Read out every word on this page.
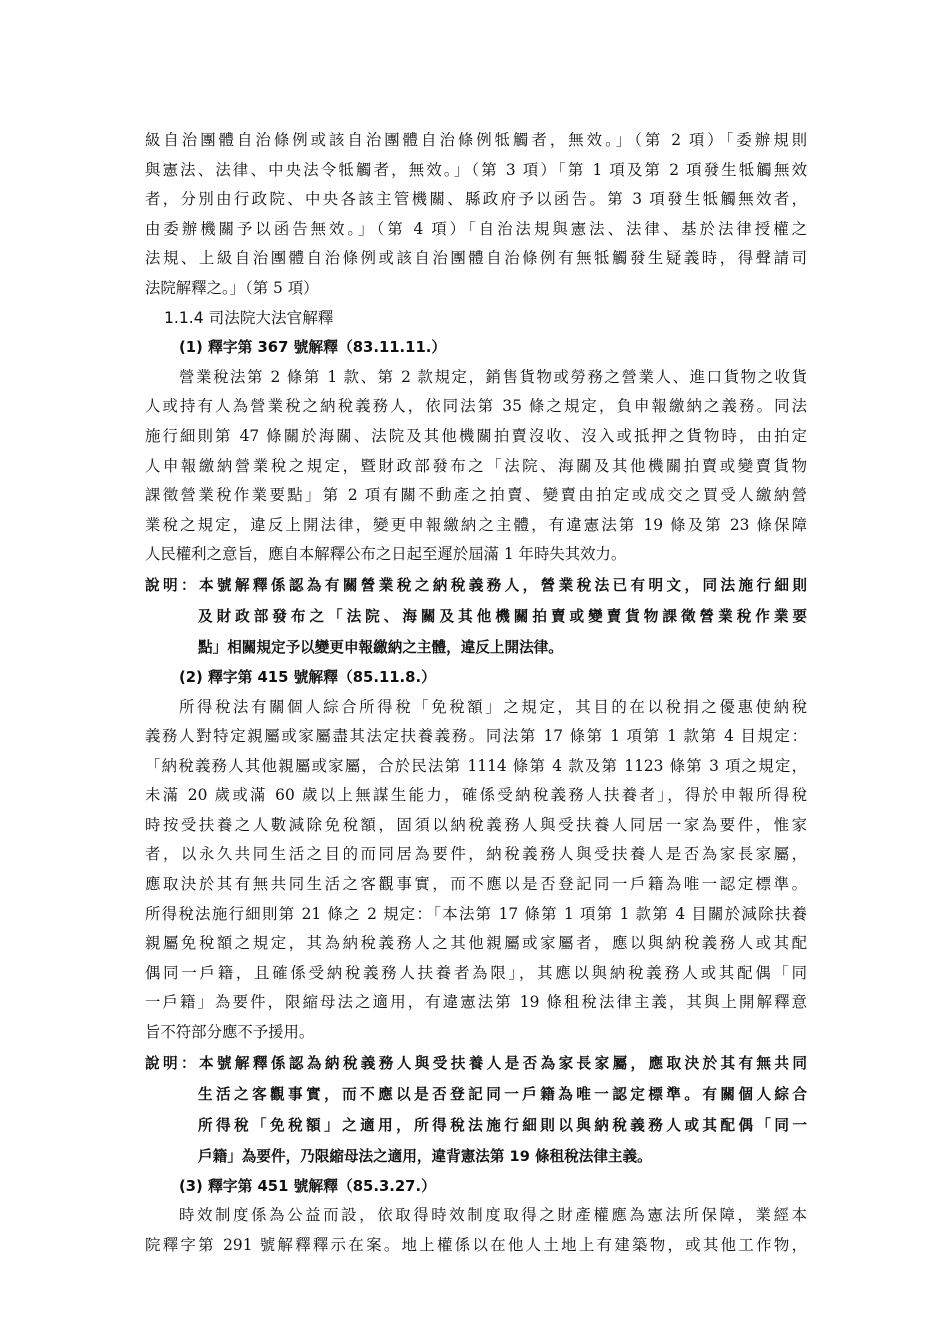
級自治團體自治條例或該自治團體自治條例牴觸者，無效。」（第 2 項）「委辦規則
與憲法、法律、中央法令牴觸者，無效。」（第 3 項）「第 1 項及第 2 項發生牴觸無效
者，分別由行政院、中央各該主管機關、縣政府予以函告。第 3 項發生牴觸無效者，
由委辦機關予以函告無效。」（第 4 項）「自治法規與憲法、法律、基於法律授權之
法規、上級自治團體自治條例或該自治團體自治條例有無牴觸發生疑義時，得聲請司
法院解釋之。」（第 5 項）
1.1.4 司法院大法官解釋
(1) 釋字第 367 號解釋（83.11.11.）
營業稅法第 2 條第 1 款、第 2 款規定，銷售貨物或勞務之營業人、進口貨物之收貨
人或持有人為營業稅之納稅義務人，依同法第 35 條之規定，負申報繳納之義務。同法
施行細則第 47 條關於海關、法院及其他機關拍賣沒收、沒入或抵押之貨物時，由拍定
人申報繳納營業稅之規定，暨財政部發布之「法院、海關及其他機關拍賣或變賣貨物
課徵營業稅作業要點」第 2 項有關不動產之拍賣、變賣由拍定或成交之買受人繳納營
業稅之規定，違反上開法律，變更申報繳納之主體，有違憲法第 19 條及第 23 條保障
人民權利之意旨，應自本解釋公布之日起至遲於屆滿 1 年時失其效力。
說明：本號解釋係認為有關營業稅之納稅義務人，營業稅法已有明文，同法施行細則
及財政部發布之「法院、海關及其他機關拍賣或變賣貨物課徵營業稅作業要
點」相關規定予以變更申報繳納之主體，違反上開法律。
(2) 釋字第 415 號解釋（85.11.8.）
所得稅法有關個人綜合所得稅「免稅額」之規定，其目的在以稅捐之優惠使納稅
義務人對特定親屬或家屬盡其法定扶養義務。同法第 17 條第 1 項第 1 款第 4 目規定：
「納稅義務人其他親屬或家屬，合於民法第 1114 條第 4 款及第 1123 條第 3 項之規定，
未滿 20 歲或滿 60 歲以上無謀生能力，確係受納稅義務人扶養者」，得於申報所得稅
時按受扶養之人數減除免稅額，固須以納稅義務人與受扶養人同居一家為要件，惟家
者，以永久共同生活之目的而同居為要件，納稅義務人與受扶養人是否為家長家屬，
應取決於其有無共同生活之客觀事實，而不應以是否登記同一戶籍為唯一認定標準。
所得稅法施行細則第 21 條之 2 規定：「本法第 17 條第 1 項第 1 款第 4 目關於減除扶養
親屬免稅額之規定，其為納稅義務人之其他親屬或家屬者，應以與納稅義務人或其配
偶同一戶籍，且確係受納稅義務人扶養者為限」，其應以與納稅義務人或其配偶「同
一戶籍」為要件，限縮母法之適用，有違憲法第 19 條租稅法律主義，其與上開解釋意
旨不符部分應不予援用。
說明：本號解釋係認為納稅義務人與受扶養人是否為家長家屬，應取決於其有無共同
生活之客觀事實，而不應以是否登記同一戶籍為唯一認定標準。有關個人綜合
所得稅「免稅額」之適用，所得稅法施行細則以與納稅義務人或其配偶「同一
戶籍」為要件，乃限縮母法之適用，違背憲法第 19 條租稅法律主義。
(3) 釋字第 451 號解釋（85.3.27.）
時效制度係為公益而設，依取得時效制度取得之財產權應為憲法所保障，業經本
院釋字第 291 號解釋釋示在案。地上權係以在他人土地上有建築物，或其他工作物，
